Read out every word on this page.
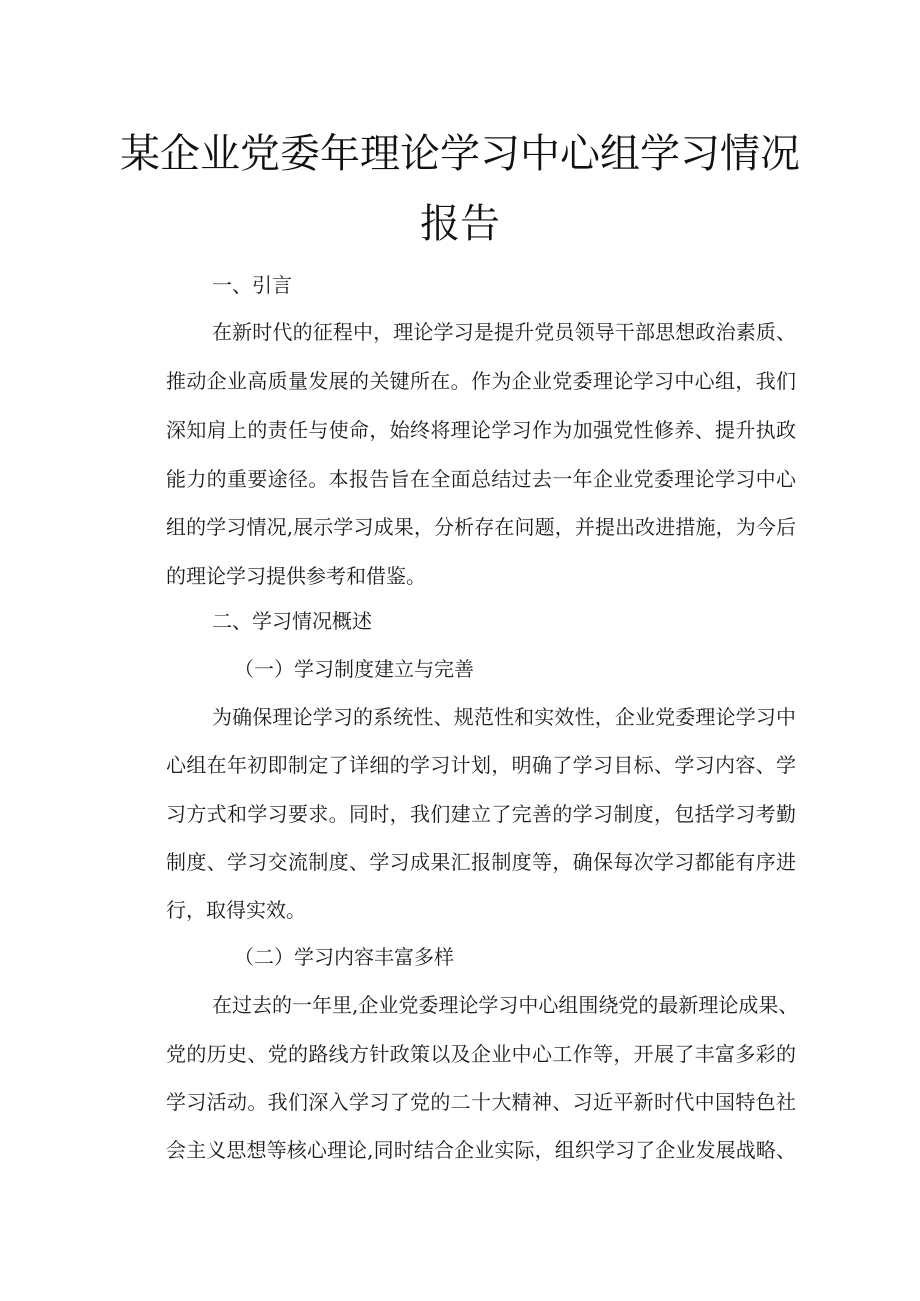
某企业党委年理论学习中心组学习情况
报告
一、引言
在新时代的征程中，理论学习是提升党员领导干部思想政治素质、
推动企业高质量发展的关键所在。作为企业党委理论学习中心组，我们
深知肩上的责任与使命，始终将理论学习作为加强党性修养、提升执政
能力的重要途径。本报告旨在全面总结过去一年企业党委理论学习中心
组的学习情况,展示学习成果，分析存在问题，并提出改进措施，为今后
的理论学习提供参考和借鉴。
二、学习情况概述
（一）学习制度建立与完善
为确保理论学习的系统性、规范性和实效性，企业党委理论学习中
心组在年初即制定了详细的学习计划，明确了学习目标、学习内容、学
习方式和学习要求。同时，我们建立了完善的学习制度，包括学习考勤
制度、学习交流制度、学习成果汇报制度等，确保每次学习都能有序进
行，取得实效。
（二）学习内容丰富多样
在过去的一年里,企业党委理论学习中心组围绕党的最新理论成果、
党的历史、党的路线方针政策以及企业中心工作等，开展了丰富多彩的
学习活动。我们深入学习了党的二十大精神、习近平新时代中国特色社
会主义思想等核心理论,同时结合企业实际，组织学习了企业发展战略、
